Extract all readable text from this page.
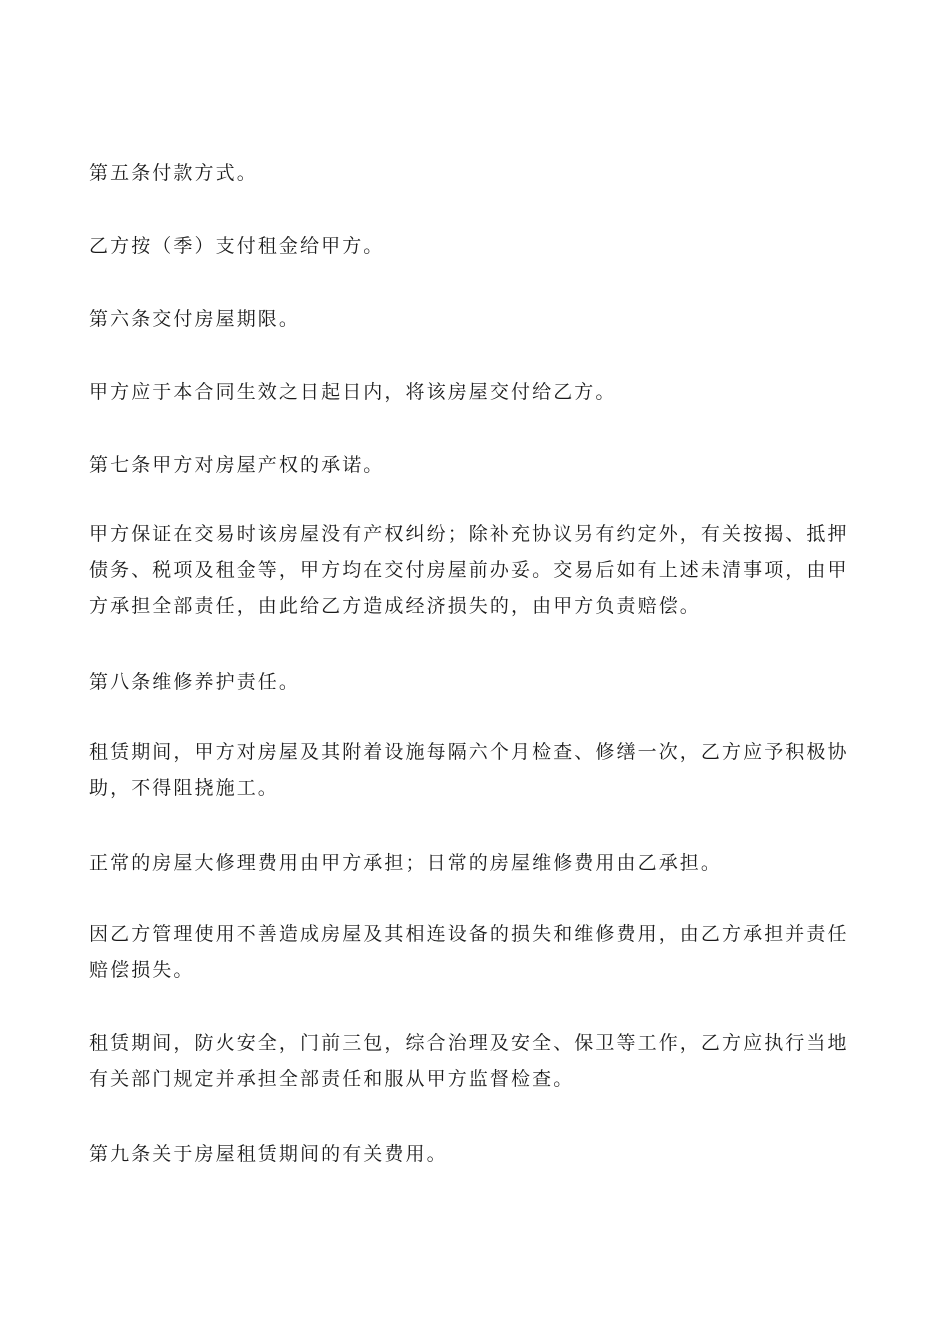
第五条付款方式。

乙方按（季）支付租金给甲方。

第六条交付房屋期限。

甲方应于本合同生效之日起日内，将该房屋交付给乙方。

第七条甲方对房屋产权的承诺。

甲方保证在交易时该房屋没有产权纠纷；除补充协议另有约定外，有关按揭、抵押债务、税项及租金等，甲方均在交付房屋前办妥。交易后如有上述未清事项，由甲方承担全部责任，由此给乙方造成经济损失的，由甲方负责赔偿。

第八条维修养护责任。

租赁期间，甲方对房屋及其附着设施每隔六个月检查、修缮一次，乙方应予积极协助，不得阻挠施工。

正常的房屋大修理费用由甲方承担；日常的房屋维修费用由乙承担。

因乙方管理使用不善造成房屋及其相连设备的损失和维修费用，由乙方承担并责任赔偿损失。

租赁期间，防火安全，门前三包，综合治理及安全、保卫等工作，乙方应执行当地有关部门规定并承担全部责任和服从甲方监督检查。

第九条关于房屋租赁期间的有关费用。
